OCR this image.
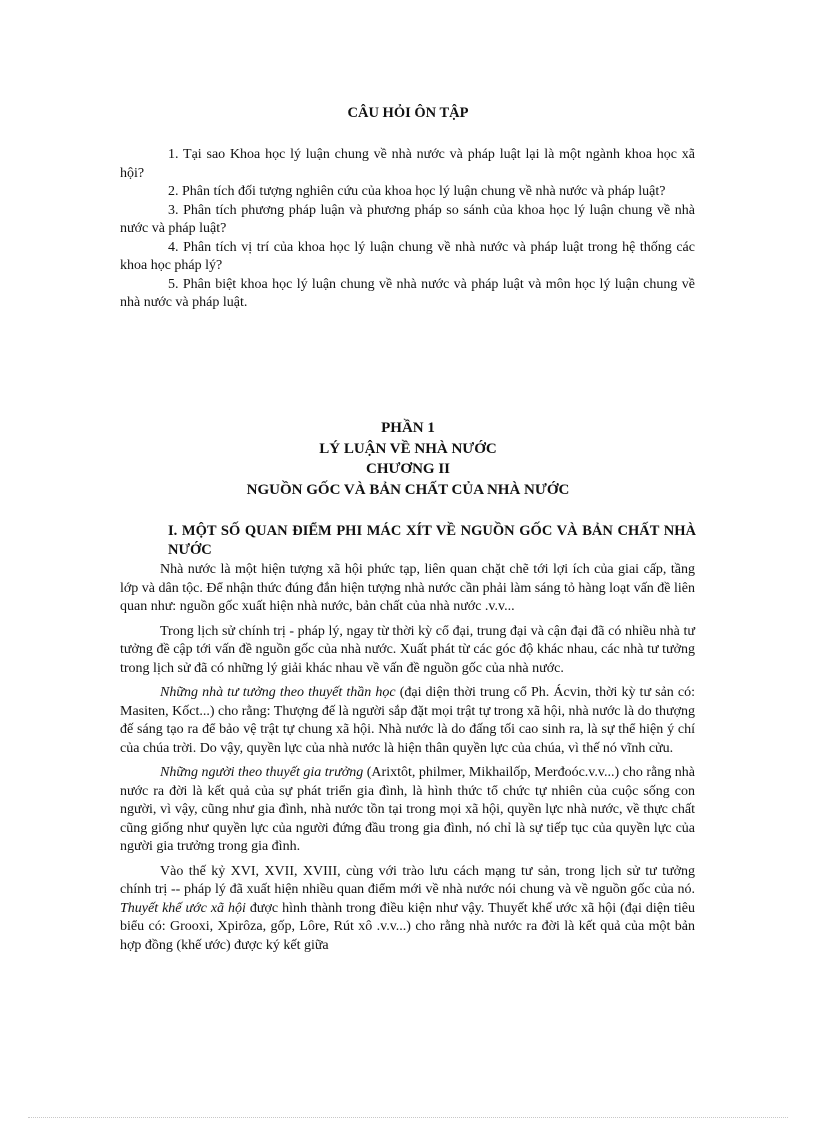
CÂU HỎI ÔN TẬP

1. Tại sao Khoa học lý luận chung về nhà nước và pháp luật lại là một ngành khoa học xã hội?

2. Phân tích đối tượng nghiên cứu của khoa học lý luận chung về nhà nước và pháp luật?

3. Phân tích phương pháp luận và phương pháp so sánh của khoa học lý luận chung về nhà nước và pháp luật?

4. Phân tích vị trí của khoa học lý luận chung về nhà nước và pháp luật trong hệ thống các khoa học pháp lý?

5. Phân biệt khoa học lý luận chung về nhà nước và pháp luật và môn học lý luận chung về nhà nước và pháp luật.

PHẦN 1
LÝ LUẬN VỀ NHÀ NƯỚC
CHƯƠNG II
NGUỒN GỐC VÀ BẢN CHẤT CỦA NHÀ NƯỚC
I. MỘT SỐ QUAN ĐIỂM PHI MÁC XÍT VỀ NGUỒN GỐC VÀ BẢN CHẤT NHÀ NƯỚC

Nhà nước là một hiện tượng xã hội phức tạp, liên quan chặt chẽ tới lợi ích của giai cấp, tầng lớp và dân tộc. Để nhận thức đúng đắn hiện tượng nhà nước cần phải làm sáng tỏ hàng loạt vấn đề liên quan như: nguồn gốc xuất hiện nhà nước, bản chất của nhà nước .v.v...

Trong lịch sử chính trị - pháp lý, ngay từ thời kỳ cổ đại, trung đại và cận đại đã có nhiều nhà tư tưởng đề cập tới vấn đề nguồn gốc của nhà nước. Xuất phát từ các góc độ khác nhau, các nhà tư tưởng trong lịch sử đã có những lý giải khác nhau về vấn đề nguồn gốc của nhà nước.

Những nhà tư tưởng theo thuyết thần học (đại diện thời trung cổ Ph. Ácvin, thời kỳ tư sản có: Masiten, Kốct...) cho rằng: Thượng đế là người sắp đặt mọi trật tự trong xã hội, nhà nước là do thượng đế sáng tạo ra để bảo vệ trật tự chung xã hội. Nhà nước là do đấng tối cao sinh ra, là sự thể hiện ý chí của chúa trời. Do vậy, quyền lực của nhà nước là hiện thân quyền lực của chúa, vì thế nó vĩnh cửu.

Những người theo thuyết gia trưởng (Arixtôt, philmer, Mikhailốp, Merđoóc.v.v...) cho rằng nhà nước ra đời là kết quả của sự phát triển gia đình, là hình thức tổ chức tự nhiên của cuộc sống con người, vì vậy, cũng như gia đình, nhà nước tồn tại trong mọi xã hội, quyền lực nhà nước, về thực chất cũng giống như quyền lực của người đứng đầu trong gia đình, nó chỉ là sự tiếp tục của quyền lực của người gia trưởng trong gia đình.

Vào thế kỷ XVI, XVII, XVIII, cùng với trào lưu cách mạng tư sản, trong lịch sử tư tưởng chính trị -- pháp lý đã xuất hiện nhiều quan điểm mới về nhà nước nói chung và về nguồn gốc của nó. Thuyết khế ước xã hội được hình thành trong điều kiện như vậy. Thuyết khế ước xã hội (đại diện tiêu biểu có: Grooxi, Xpirôza, gốp, Lôre, Rút xô .v.v...) cho rằng nhà nước ra đời là kết quả của một bản hợp đồng (khế ước) được ký kết giữa
